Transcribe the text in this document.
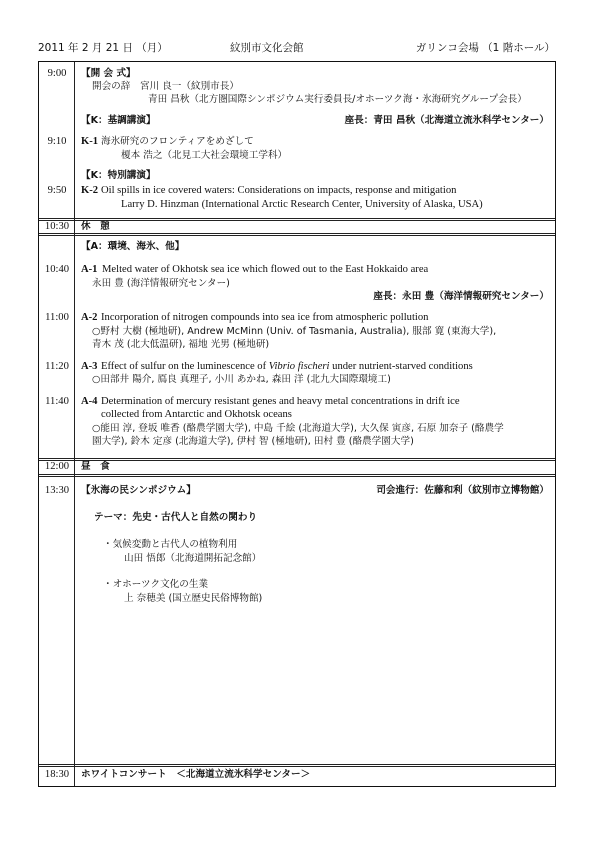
2011 年 2 月 21 日 （月）	紋別市文化会館	ガリンコ会場 （1 階ホール）
9:00	【開 会 式】
開会の辞　宮川 良一（紋別市長）
青田 昌秋（北方圏国際シンポジウム実行委員長/オホーツク海・氷海研究グループ会長）
【K：基調講演】	座長：青田 昌秋（北海道立流氷科学センター）
9:10	K-1 海氷研究のフロンティアをめざして
榎本 浩之（北見工大社会環境工学科）
【K：特別講演】
9:50	K-2 Oil spills in ice covered waters: Considerations on impacts, response and mitigation
Larry D. Hinzman (International Arctic Research Center, University of Alaska, USA)
10:30	休　憩
【A：環境、海氷、他】
10:40 A-1 Melted water of Okhotsk sea ice which flowed out to the East Hokkaido area
永田 豊 (海洋情報研究センター)
座長：永田 豊（海洋情報研究センター）
11:00 A-2 Incorporation of nitrogen compounds into sea ice from atmospheric pollution
○野村 大樹 (極地研), Andrew McMinn (Univ. of Tasmania, Australia), 服部 寛 (東海大学),
青木 茂 (北大低温研), 福地 光男 (極地研)
11:20 A-3 Effect of sulfur on the luminescence of Vibrio fischeri under nutrient-starved conditions
○田部井 陽介, 鳫良 真理子, 小川 あかね, 森田 洋 (北九大国際環境工)
11:40 A-4 Determination of mercury resistant genes and heavy metal concentrations in drift ice
collected from Antarctic and Okhotsk oceans
○能田 淳, 登坂 唯香 (酪農学園大学), 中島 千絵 (北海道大学), 大久保 寅彦, 石原 加奈子 (酪農学
園大学), 鈴木 定彦 (北海道大学), 伊村 智 (極地研), 田村 豊 (酪農学園大学)
12:00	昼　食
13:30	【氷海の民シンポジウム】	司会進行：佐藤和利（紋別市立博物館）
テーマ：先史・古代人と自然の関わり
・気候変動と古代人の植物利用
山田 悟郎（北海道開拓記念館）
・オホーツク文化の生業
上 奈穂美 (国立歴史民俗博物館)
18:30	ホワイトコンサート　＜北海道立流氷科学センター＞
